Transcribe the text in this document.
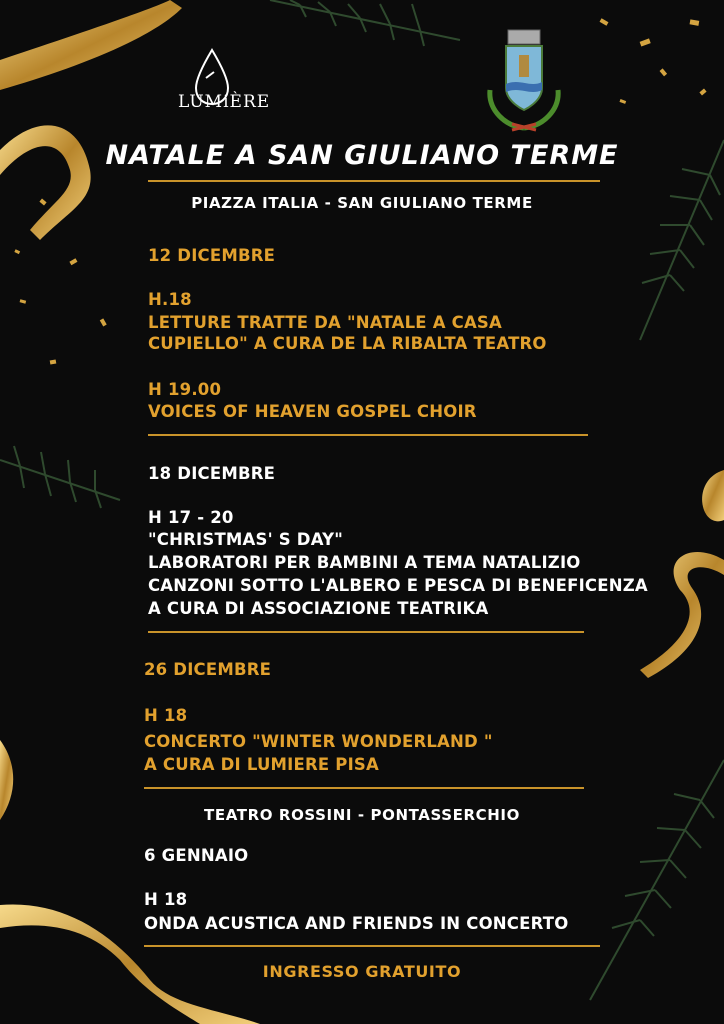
LUMiÈRE
NATALE A SAN GIULIANO TERME
PIAZZA ITALIA - SAN GIULIANO TERME
12 DICEMBRE
H.18
LETTURE TRATTE DA "NATALE A CASA
CUPIELLO" A CURA DE LA RIBALTA TEATRO
H 19.00
VOICES OF HEAVEN GOSPEL CHOIR
18 DICEMBRE
H 17 - 20
"CHRISTMAS' S DAY"
LABORATORI PER BAMBINI A TEMA NATALIZIO
CANZONI SOTTO L'ALBERO E PESCA DI BENEFICENZA
A CURA DI ASSOCIAZIONE TEATRIKA
26 DICEMBRE
H 18
CONCERTO "WINTER WONDERLAND "
A CURA DI LUMIERE PISA
TEATRO ROSSINI - PONTASSERCHIO
6 GENNAIO
H 18
ONDA ACUSTICA AND FRIENDS IN CONCERTO
INGRESSO GRATUITO
